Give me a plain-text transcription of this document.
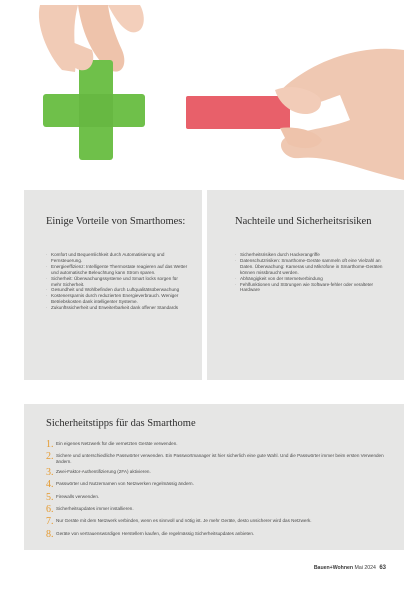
Einige Vorteile von Smarthomes:
· Komfort und Bequemlichkeit durch Automatisierung und Fernsteuerung.
· Energieeffizienz: Intelligente Thermostate reagieren auf das Wetter und automatische Beleuchtung kann Strom sparen.
· Sicherheit: Überwachungssysteme und Smart locks sorgen für mehr Sicherheit.
· Gesundheit und Wohlbefinden durch Luftqualitätsüberwachung
· Kostenersparnis durch reduzierten Energieverbrauch. Weniger Betriebskosten dank intelligenter Systeme.
· Zukunftssicherheit und Erweiterbarkeit dank offener Standards
Nachteile und Sicherheitsrisiken
· Sicherheitsrisiken durch Hackerangriffe
· Datenschutzrisiken: Smarthome-Geräte sammeln oft eine Vielzahl an Daten. Überwachung: Kameras und Mikrofone in Smarthome-Geräten können missbraucht werden.
· Abhängigkeit von der Internetverbindung
· Fehlfunktionen und Störungen wie Software-fehler oder veralteter Hardware
Sicherheitstipps für das Smarthome
1. Ein eigenes Netzwerk für die vernetzten Geräte verwenden.
2. Sichere und unterschiedliche Passwörter verwenden. Ein Passwortmanager ist hier sicherlich eine gute Wahl. Und die Passwörter immer beim ersten Verwenden ändern.
3. Zwei-Faktor-Authentifizierung (2FA) aktivieren.
4. Passwörter und Nutzernamen von Netzwerken regelmässig ändern.
5. Firewalls verwenden.
6. Sicherheitsupdates immer installieren.
7. Nur Geräte mit dem Netzwerk verbinden, wenn es sinnvoll und nötig ist. Je mehr Geräte, desto unsicherer wird das Netzwerk.
8. Geräte von vertrauenswürdigen Herstellern kaufen, die regelmässig Sicherheitsupdates anbieten.
Bauen+Wohnen Mai 2024 63
